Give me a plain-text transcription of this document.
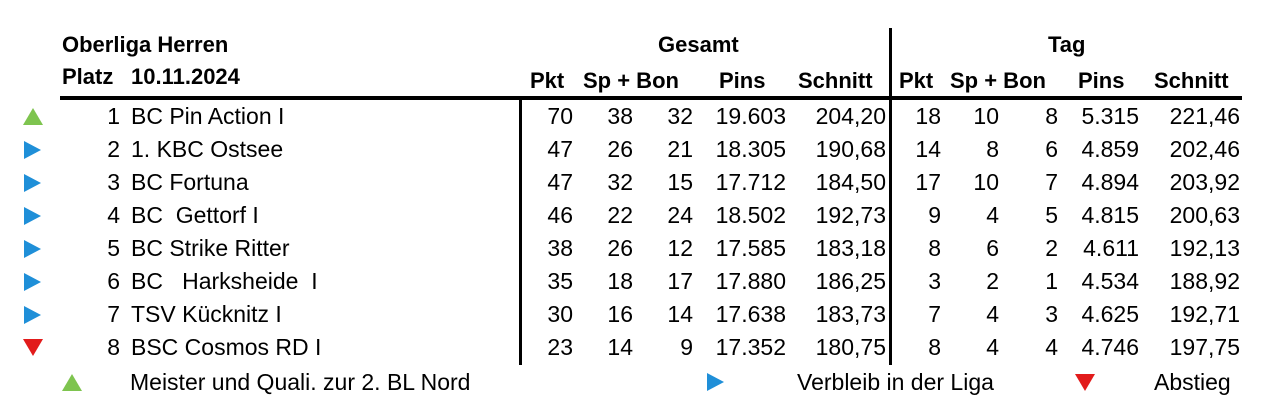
Oberliga Herren
Platz 10.11.2024
Gesamt	Tag
Pkt Sp + Bon Pins Schnitt Pkt Sp + Bon Pins Schnitt
1 BC Pin Action I	70 38 32 19.603 204,20 18 10 8 5.315 221,46
2 1. KBC Ostsee	47 26 21 18.305 190,68 14 8 6 4.859 202,46
3 BC Fortuna	47 32 15 17.712 184,50 17 10 7 4.894 203,92
4 BC  Gettorf I	46 22 24 18.502 192,73 9 4 5 4.815 200,63
5 BC Strike Ritter	38 26 12 17.585 183,18 8 6 2 4.611 192,13
6 BC   Harksheide  I	35 18 17 17.880 186,25 3 2 1 4.534 188,92
7 TSV Kücknitz I	30 16 14 17.638 183,73 7 4 3 4.625 192,71
8 BSC Cosmos RD I	23 14 9 17.352 180,75 8 4 4 4.746 197,75
Meister und Quali. zur 2. BL Nord	Verbleib in der Liga	Abstieg
